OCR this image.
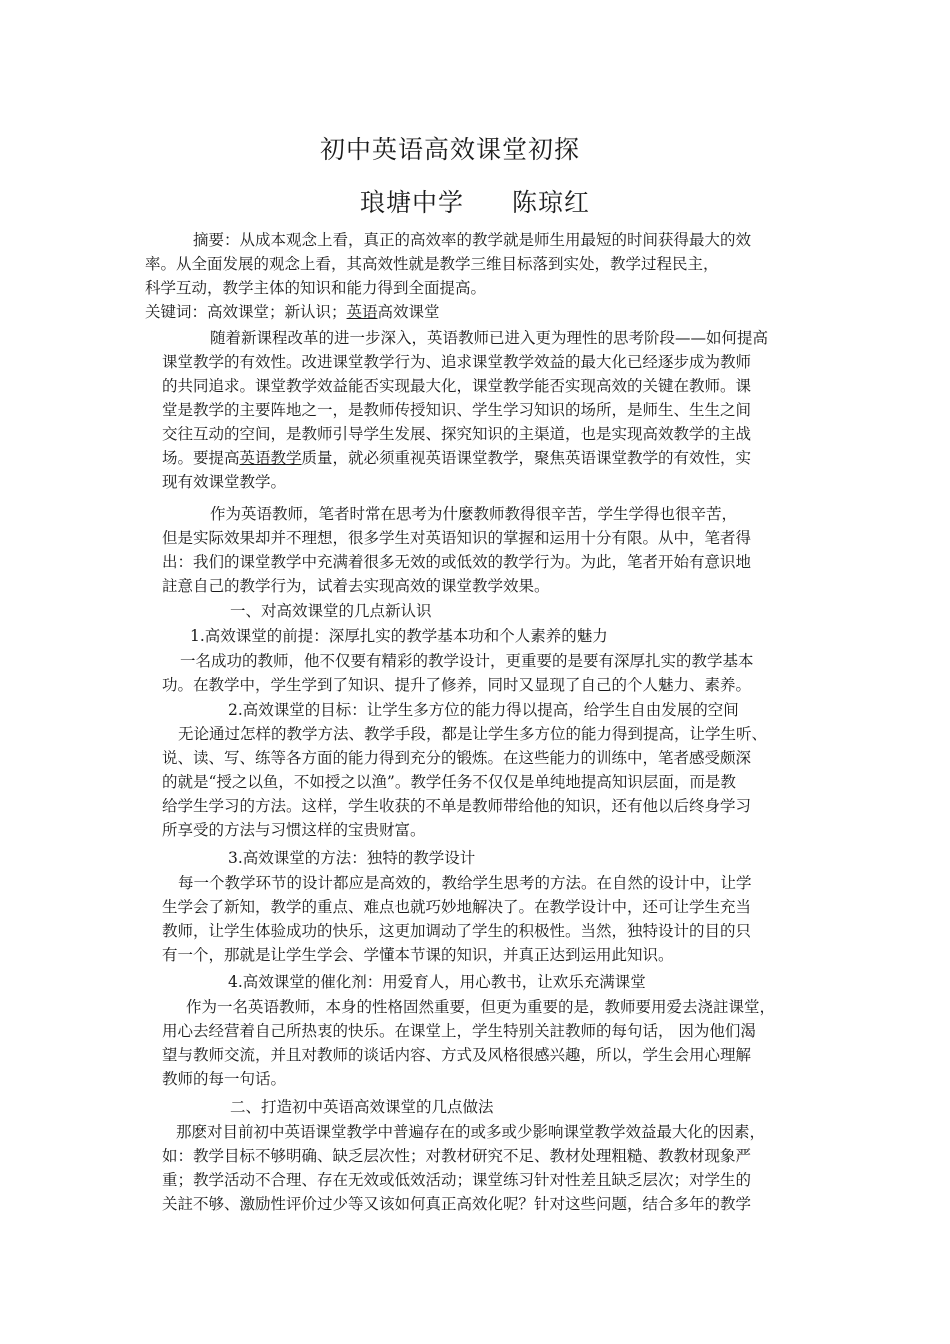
初中英语高效课堂初探
琅塘中学 陈琼红
摘要：从成本观念上看，真正的高效率的教学就是师生用最短的时间获得最大的效
率。从全面发展的观念上看，其高效性就是教学三维目标落到实处，教学过程民主，
科学互动，教学主体的知识和能力得到全面提高。
关键词：高效课堂；新认识；英语高效课堂
随着新课程改革的进一步深入，英语教师已进入更为理性的思考阶段——如何提高
课堂教学的有效性。改进课堂教学行为、追求课堂教学效益的最大化已经逐步成为教师
的共同追求。课堂教学效益能否实现最大化，课堂教学能否实现高效的关键在教师。课
堂是教学的主要阵地之一，是教师传授知识、学生学习知识的场所，是师生、生生之间
交往互动的空间，是教师引导学生发展、探究知识的主渠道，也是实现高效教学的主战
场。要提高英语教学质量，就必须重视英语课堂教学，聚焦英语课堂教学的有效性，实
现有效课堂教学。
作为英语教师，笔者时常在思考为什麼教师教得很辛苦，学生学得也很辛苦，
但是实际效果却并不理想，很多学生对英语知识的掌握和运用十分有限。从中，笔者得
出：我们的课堂教学中充满着很多无效的或低效的教学行为。为此，笔者开始有意识地
註意自己的教学行为，试着去实现高效的课堂教学效果。
一、对高效课堂的几点新认识
1.高效课堂的前提：深厚扎实的教学基本功和个人素养的魅力
一名成功的教师，他不仅要有精彩的教学设计，更重要的是要有深厚扎实的教学基本
功。在教学中，学生学到了知识、提升了修养，同时又显现了自己的个人魅力、素养。
2.高效课堂的目标：让学生多方位的能力得以提高，给学生自由发展的空间
无论通过怎样的教学方法、教学手段，都是让学生多方位的能力得到提高，让学生听、
说、读、写、练等各方面的能力得到充分的锻炼。在这些能力的训练中，笔者感受颇深
的就是“授之以鱼，不如授之以渔”。教学任务不仅仅是单纯地提高知识层面，而是教
给学生学习的方法。这样，学生收获的不单是教师带给他的知识，还有他以后终身学习
所享受的方法与习惯这样的宝贵财富。
3.高效课堂的方法：独特的教学设计
每一个教学环节的设计都应是高效的，教给学生思考的方法。在自然的设计中，让学
生学会了新知，教学的重点、难点也就巧妙地解决了。在教学设计中，还可让学生充当
教师，让学生体验成功的快乐，这更加调动了学生的积极性。当然，独特设计的目的只
有一个，那就是让学生学会、学懂本节课的知识，并真正达到运用此知识。
4.高效课堂的催化剂：用爱育人，用心教书，让欢乐充满课堂
作为一名英语教师，本身的性格固然重要，但更为重要的是，教师要用爱去浇註课堂，
用心去经营着自己所热衷的快乐。在课堂上，学生特别关註教师的每句话， 因为他们渴
望与教师交流，并且对教师的谈话内容、方式及风格很感兴趣，所以，学生会用心理解
教师的每一句话。
二、打造初中英语高效课堂的几点做法
那麽对目前初中英语课堂教学中普遍存在的或多或少影响课堂教学效益最大化的因素，
如：教学目标不够明确、缺乏层次性；对教材研究不足、教材处理粗糙、教教材现象严
重；教学活动不合理、存在无效或低效活动；课堂练习针对性差且缺乏层次；对学生的
关註不够、激励性评价过少等又该如何真正高效化呢？针对这些问题，结合多年的教学
